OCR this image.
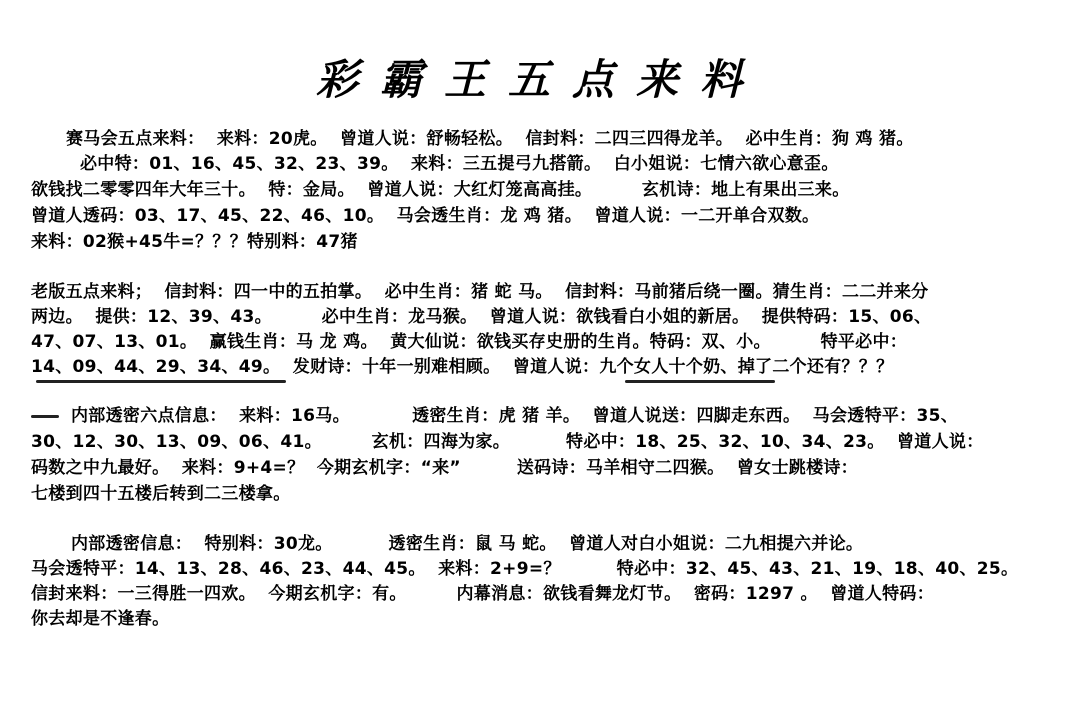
彩霸王五点来料
赛马会五点来料：  来料：20虎。  曾道人说：舒畅轻松。  信封料：二四三四得龙羊。  必中生肖：狗 鸡 猪。
必中特：01、16、45、32、23、39。  来料：三五提弓九搭箭。  白小姐说：七情六欲心意歪。
欲钱找二零零四年大年三十。  特：金局。  曾道人说：大红灯笼高高挂。        玄机诗：地上有果出三来。
曾道人透码：03、17、45、22、46、10。  马会透生肖：龙 鸡 猪。  曾道人说：一二开单合双数。
来料：02猴+45牛=？？？特别料：47猪
老版五点来料；  信封料：四一中的五拍掌。  必中生肖：猪 蛇 马。  信封料：马前猪后绕一圈。猜生肖：二二并来分
两边。  提供：12、39、43。        必中生肖：龙马猴。  曾道人说：欲钱看白小姐的新居。  提供特码：15、06、
47、07、13、01。  赢钱生肖：马 龙 鸡。  黄大仙说：欲钱买存史册的生肖。特码：双、小。        特平必中：
14、09、44、29、34、49。  发财诗：十年一别难相顾。  曾道人说：九个女人十个奶、掉了二个还有？？？
内部透密六点信息：  来料：16马。          透密生肖：虎 猪 羊。  曾道人说送：四脚走东西。  马会透特平：35、
30、12、30、13、09、06、41。        玄机：四海为家。         特必中：18、25、32、10、34、23。  曾道人说：
码数之中九最好。  来料：9+4=？  今期玄机字：“来”         送码诗：马羊相守二四猴。  曾女士跳楼诗：
七楼到四十五楼后转到二三楼拿。
内部透密信息：  特别料：30龙。         透密生肖：鼠 马 蛇。  曾道人对白小姐说：二九相提六并论。
马会透特平：14、13、28、46、23、44、45。  来料：2+9=？         特必中：32、45、43、21、19、18、40、25。
信封来料：一三得胜一四欢。  今期玄机字：有。        内幕消息：欲钱看舞龙灯节。  密码：1297 。  曾道人特码：
你去却是不逢春。
